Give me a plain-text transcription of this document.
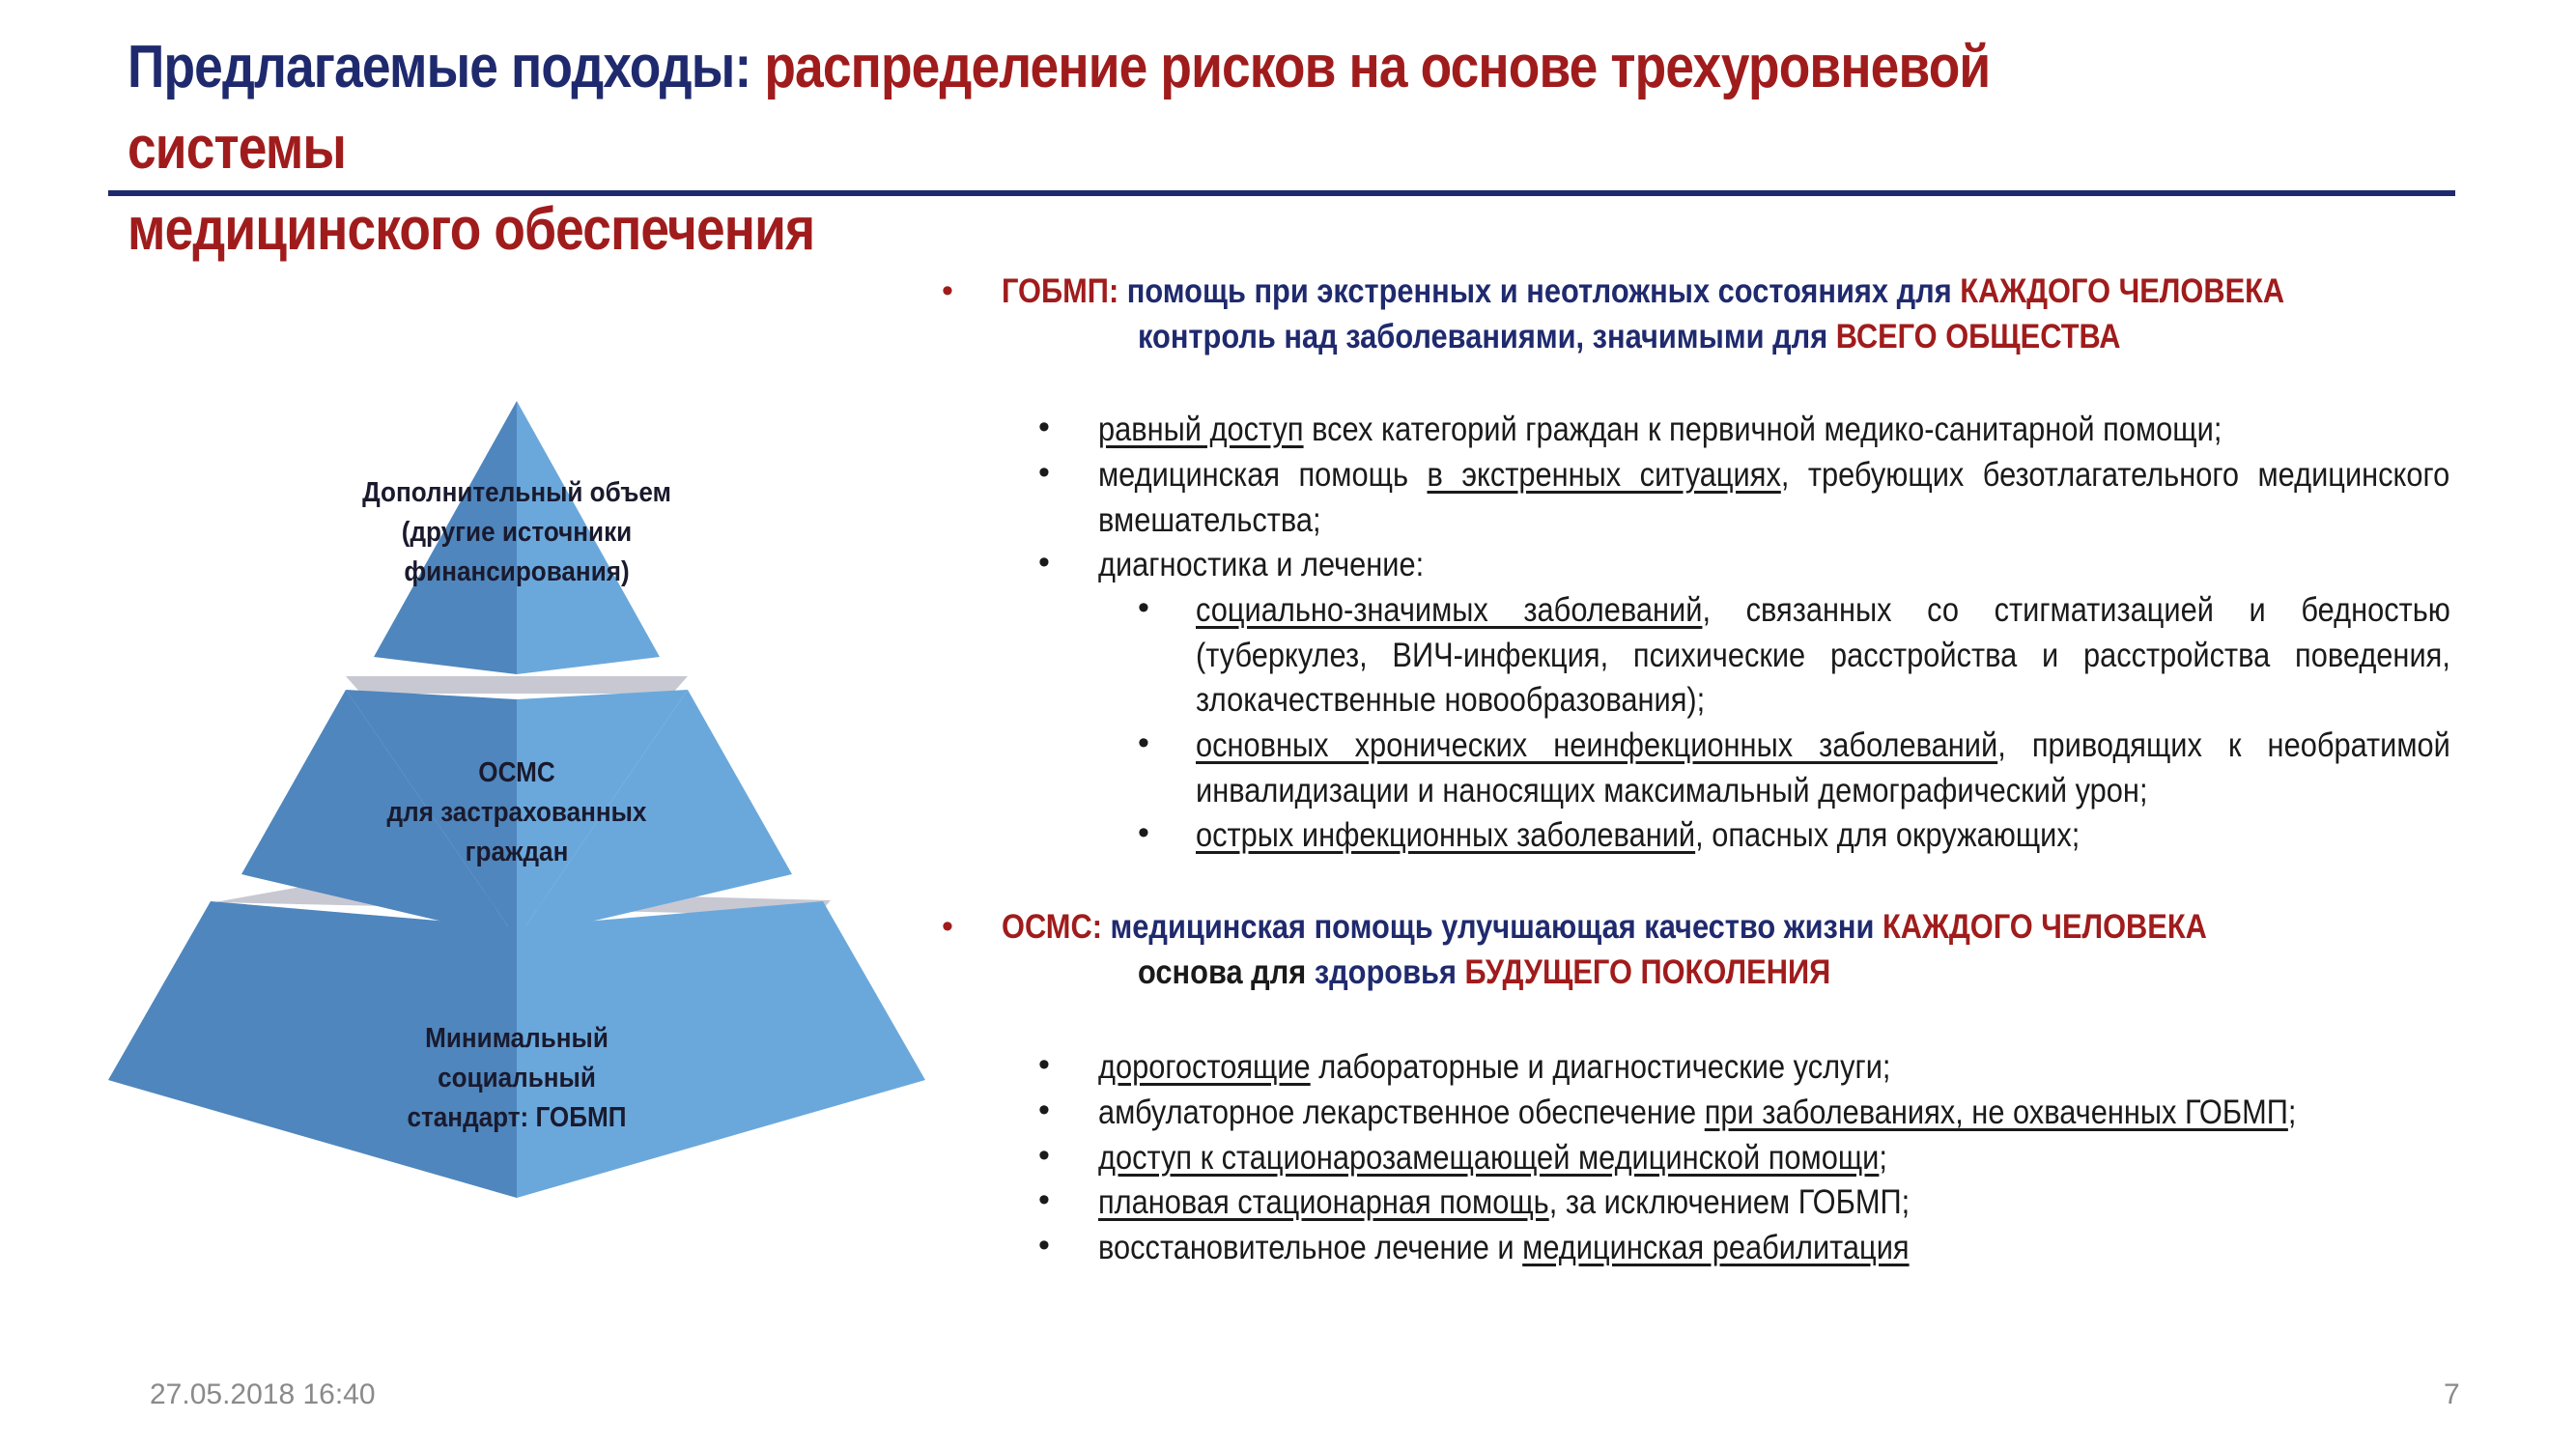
Предлагаемые подходы: распределение рисков на основе трехуровневой системы
медицинского обеспечения
Дополнительный объем
(другие источники
финансирования)
ОСМС
для застрахованных
граждан
Минимальный
социальный
стандарт: ГОБМП
• ГОБМП: помощь при экстренных и неотложных состояниях для КАЖДОГО ЧЕЛОВЕКА
контроль над заболеваниями, значимыми для ВСЕГО ОБЩЕСТВА
• равный доступ всех категорий граждан к первичной медико-санитарной помощи;
• медицинская помощь в экстренных ситуациях, требующих безотлагательного медицинского
вмешательства;
• диагностика и лечение:
• социально-значимых заболеваний, связанных со стигматизацией и бедностью
(туберкулез, ВИЧ-инфекция, психические расстройства и расстройства поведения,
злокачественные новообразования);
• основных хронических неинфекционных заболеваний, приводящих к необратимой
инвалидизации и наносящих максимальный демографический урон;
• острых инфекционных заболеваний, опасных для окружающих;
• ОСМС: медицинская помощь улучшающая качество жизни КАЖДОГО ЧЕЛОВЕКА
основа для здоровья БУДУЩЕГО ПОКОЛЕНИЯ
• дорогостоящие лабораторные и диагностические услуги;
• амбулаторное лекарственное обеспечение при заболеваниях, не охваченных ГОБМП;
• доступ к стационарозамещающей медицинской помощи;
• плановая стационарная помощь, за исключением ГОБМП;
• восстановительное лечение и медицинская реабилитация
27.05.2018 16:40	7
